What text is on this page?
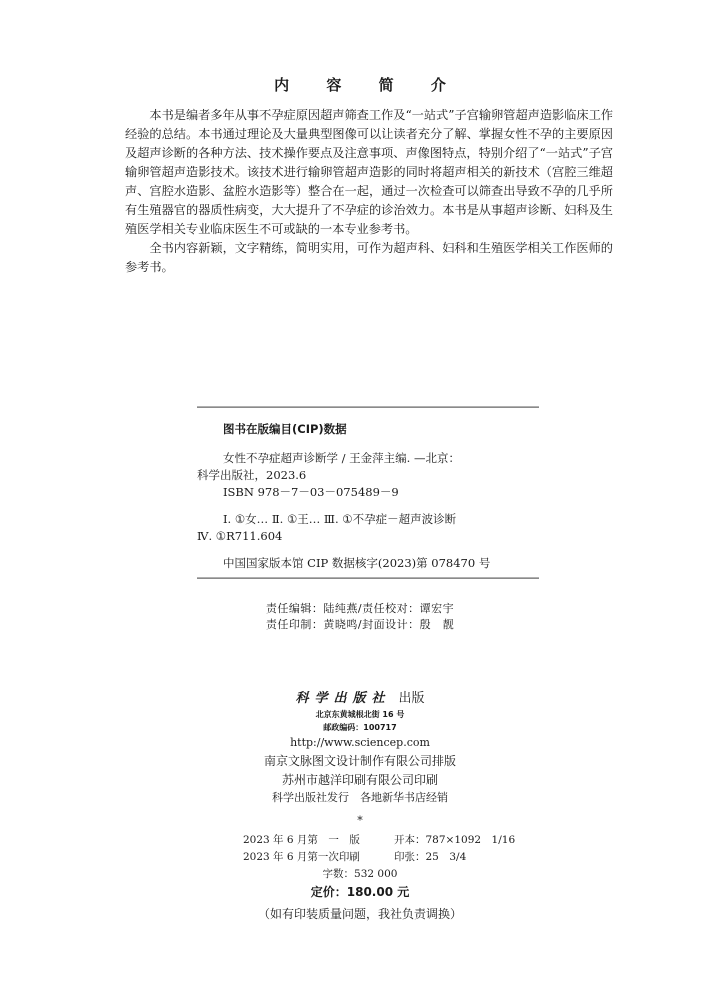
内 容 简 介

本书是编者多年从事不孕症原因超声筛查工作及“一站式”子宫输卵管超声造影临床工作经验的总结。本书通过理论及大量典型图像可以让读者充分了解、掌握女性不孕的主要原因及超声诊断的各种方法、技术操作要点及注意事项、声像图特点，特别介绍了“一站式”子宫输卵管超声造影技术。该技术进行输卵管超声造影的同时将超声相关的新技术（宫腔三维超声、宫腔水造影、盆腔水造影等）整合在一起，通过一次检查可以筛查出导致不孕的几乎所有生殖器官的器质性病变，大大提升了不孕症的诊治效力。本书是从事超声诊断、妇科及生殖医学相关专业临床医生不可或缺的一本专业参考书。

全书内容新颖，文字精练，简明实用，可作为超声科、妇科和生殖医学相关工作医师的参考书。

图书在版编目(CIP)数据
女性不孕症超声诊断学 / 王金萍主编. —北京：
科学出版社，2023.6
ISBN 978－7－03－075489－9
Ⅰ. ①女… Ⅱ. ①王… Ⅲ. ①不孕症－超声波诊断
Ⅳ. ①R711.604
中国国家版本馆 CIP 数据核字(2023)第 078470 号
责任编辑：陆纯燕/责任校对：谭宏宇
责任印制：黄晓鸣/封面设计：殷　靓
科学出版社 出版
北京东黄城根北街 16 号
邮政编码：100717
http://www.sciencep.com
南京文脉图文设计制作有限公司排版
苏州市越洋印刷有限公司印刷
科学出版社发行　各地新华书店经销
*
2023 年 6 月第　一　版	开本：787×1092　1/16
2023 年 6 月第一次印刷	印张：25　3/4
字数：532 000
定价：180.00 元
（如有印装质量问题，我社负责调换）
